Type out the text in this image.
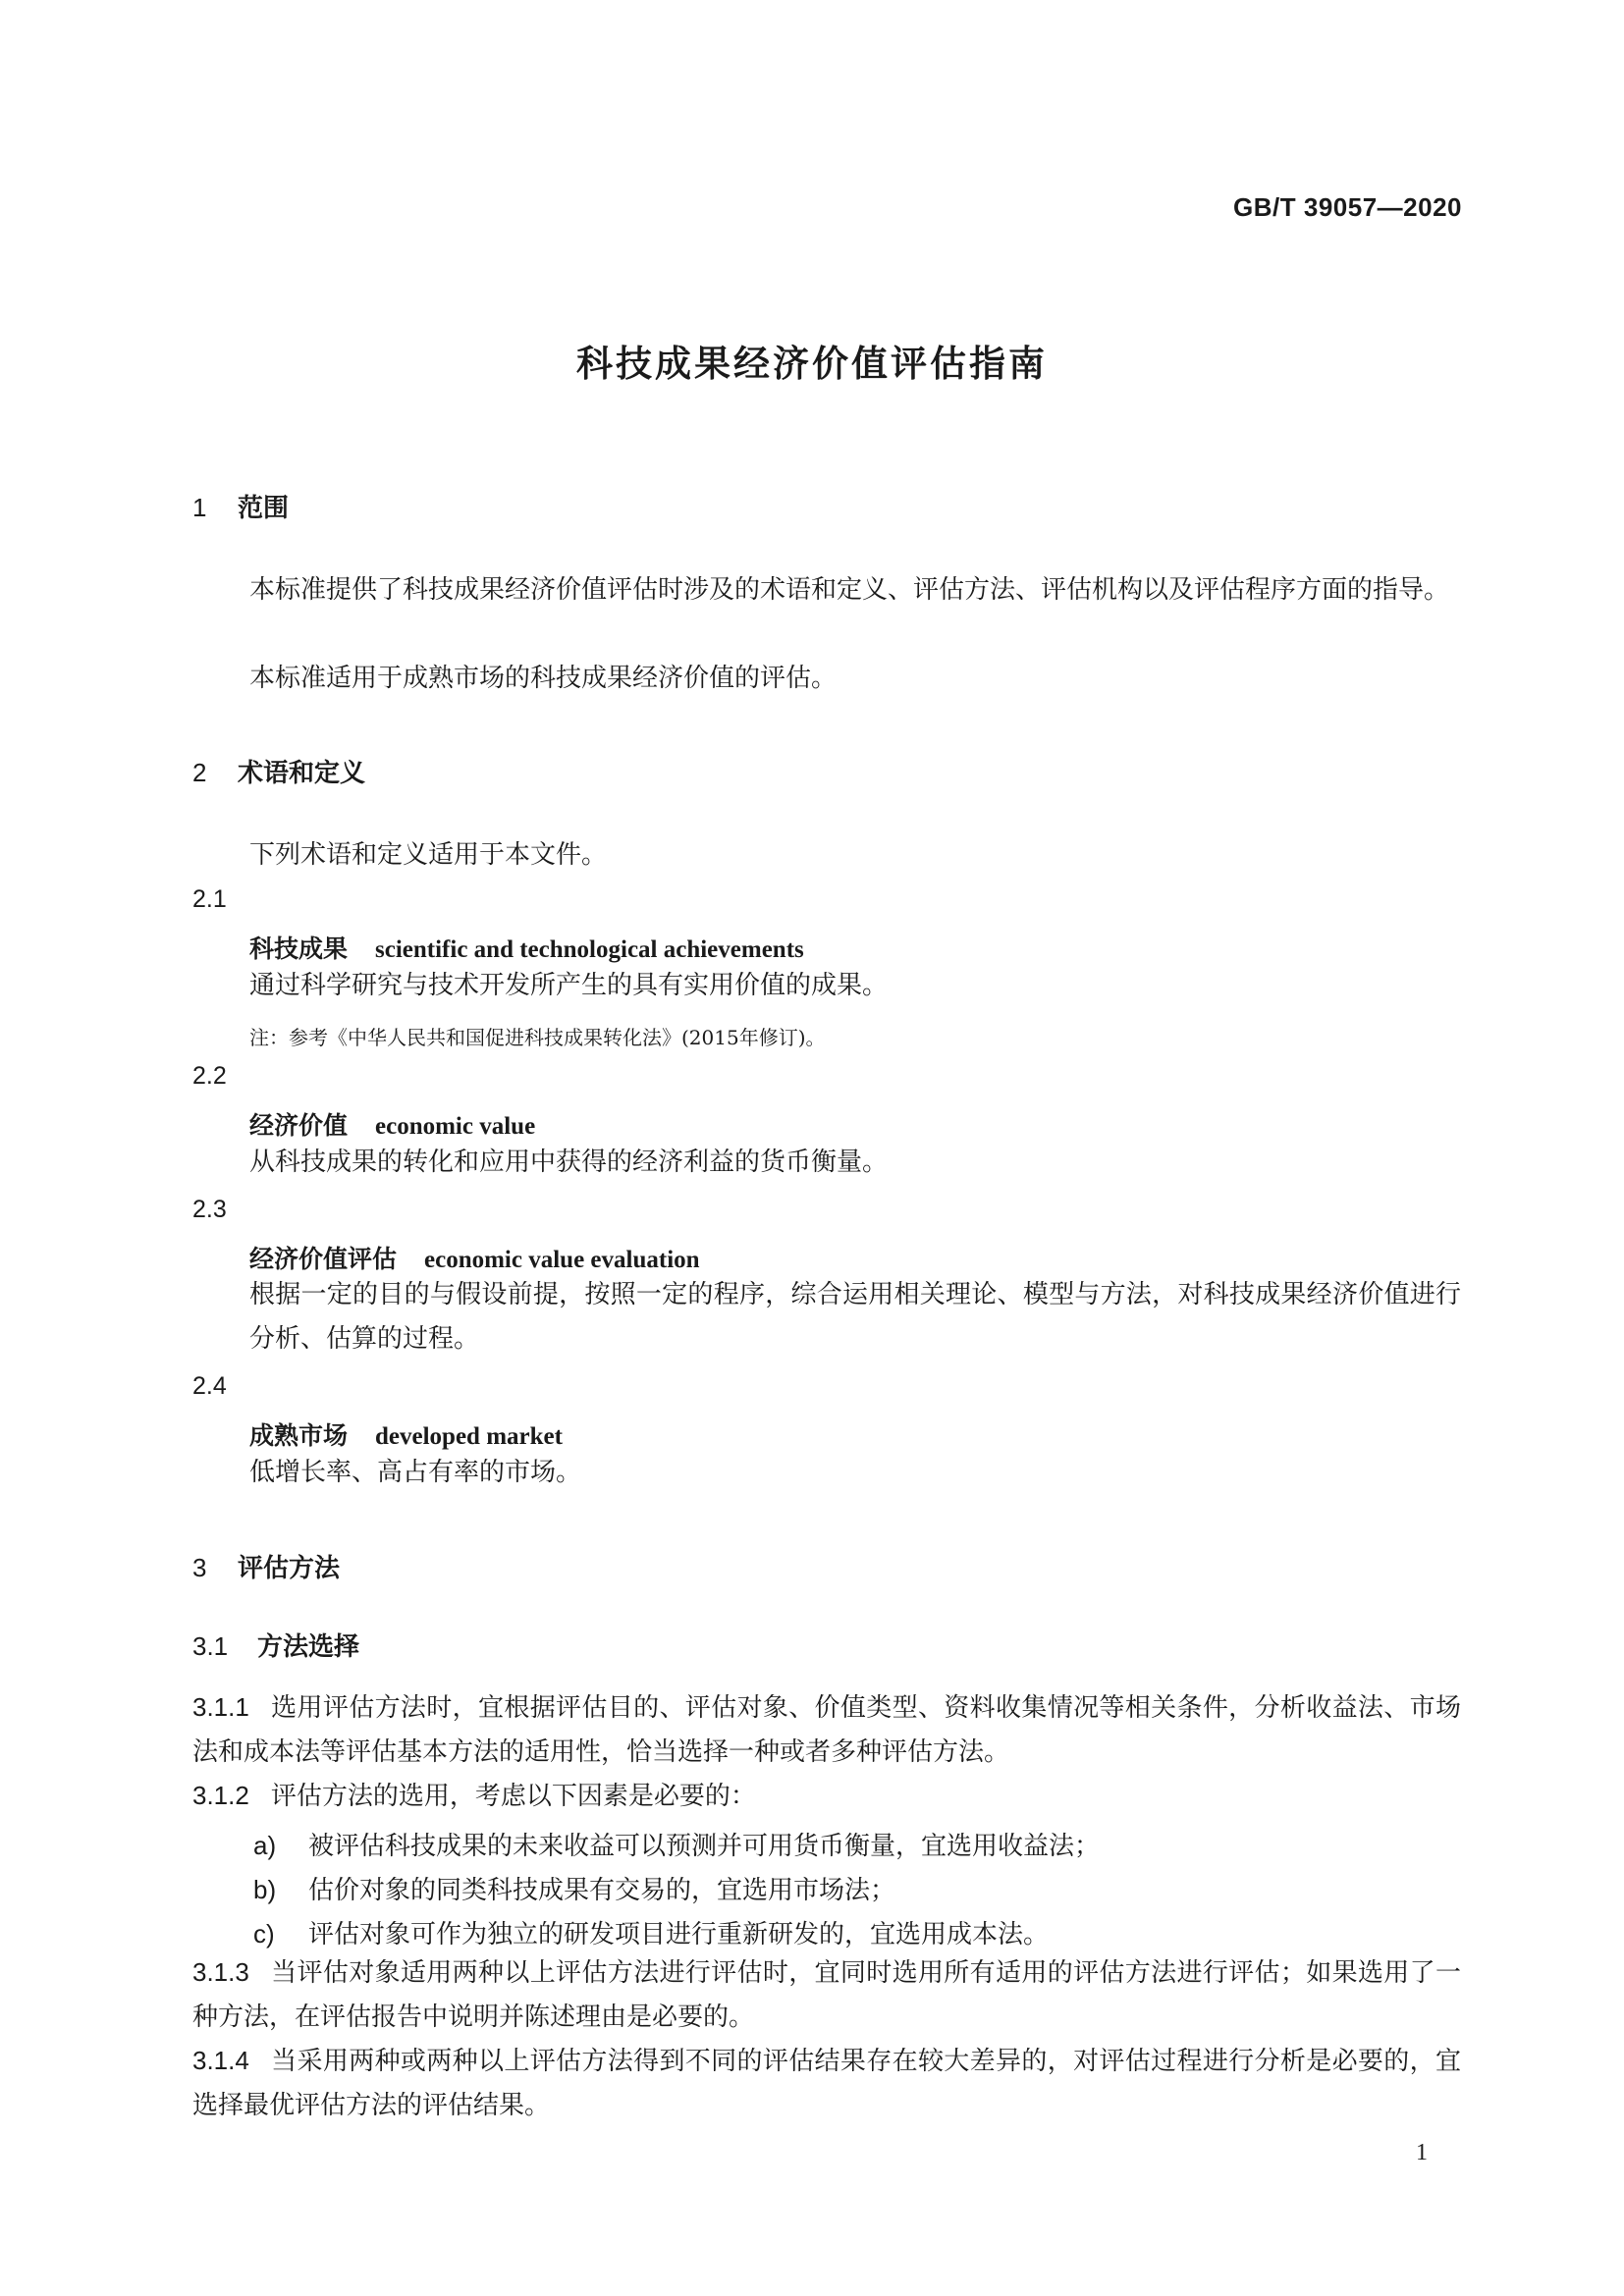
GB/T 39057—2020
科技成果经济价值评估指南
1 范围
本标准提供了科技成果经济价值评估时涉及的术语和定义、评估方法、评估机构以及评估程序方面的指导。
本标准适用于成熟市场的科技成果经济价值的评估。
2 术语和定义
下列术语和定义适用于本文件。
2.1
科技成果 scientific and technological achievements
通过科学研究与技术开发所产生的具有实用价值的成果。
注：参考《中华人民共和国促进科技成果转化法》(2015年修订)。
2.2
经济价值 economic value
从科技成果的转化和应用中获得的经济利益的货币衡量。
2.3
经济价值评估 economic value evaluation
根据一定的目的与假设前提，按照一定的程序，综合运用相关理论、模型与方法，对科技成果经济价值进行分析、估算的过程。
2.4
成熟市场 developed market
低增长率、高占有率的市场。
3 评估方法
3.1 方法选择
3.1.1 选用评估方法时，宜根据评估目的、评估对象、价值类型、资料收集情况等相关条件，分析收益法、市场法和成本法等评估基本方法的适用性，恰当选择一种或者多种评估方法。
3.1.2 评估方法的选用，考虑以下因素是必要的：
a) 被评估科技成果的未来收益可以预测并可用货币衡量，宜选用收益法；
b) 估价对象的同类科技成果有交易的，宜选用市场法；
c) 评估对象可作为独立的研发项目进行重新研发的，宜选用成本法。
3.1.3 当评估对象适用两种以上评估方法进行评估时，宜同时选用所有适用的评估方法进行评估；如果选用了一种方法，在评估报告中说明并陈述理由是必要的。
3.1.4 当采用两种或两种以上评估方法得到不同的评估结果存在较大差异的，对评估过程进行分析是必要的，宜选择最优评估方法的评估结果。
1
